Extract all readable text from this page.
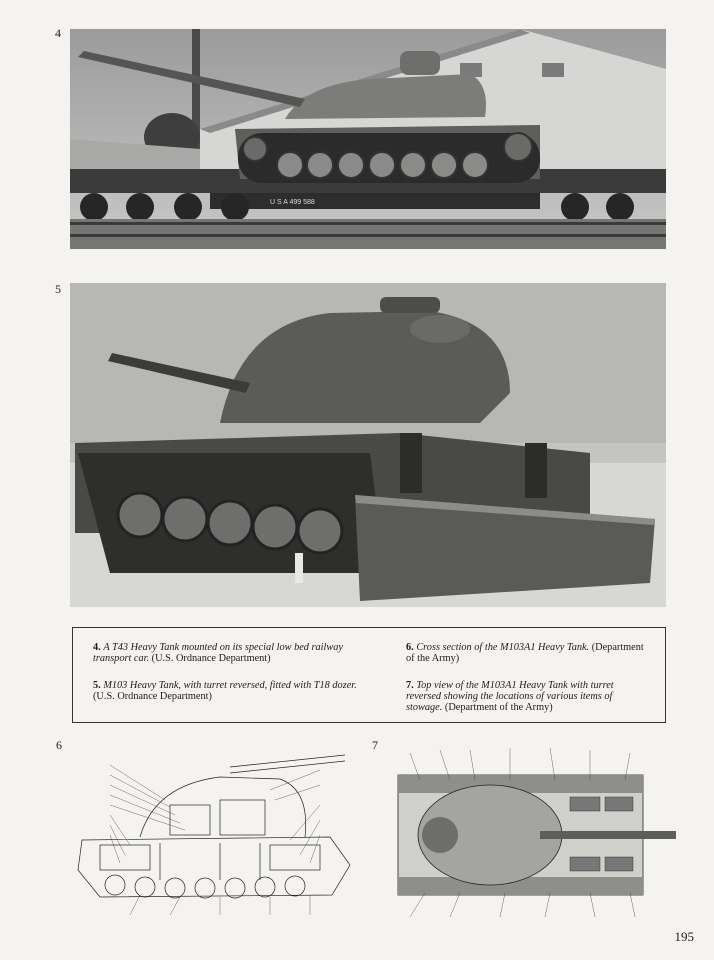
4
5
6	7
U S A 499 588
4. A T43 Heavy Tank mounted on its special low bed railway transport car. (U.S. Ordnance Department)
5. M103 Heavy Tank, with turret reversed, fitted with T18 dozer. (U.S. Ordnance Department)
6. Cross section of the M103A1 Heavy Tank. (Department of the Army)
7. Top view of the M103A1 Heavy Tank with turret reversed showing the locations of various items of stowage. (Department of the Army)
195
